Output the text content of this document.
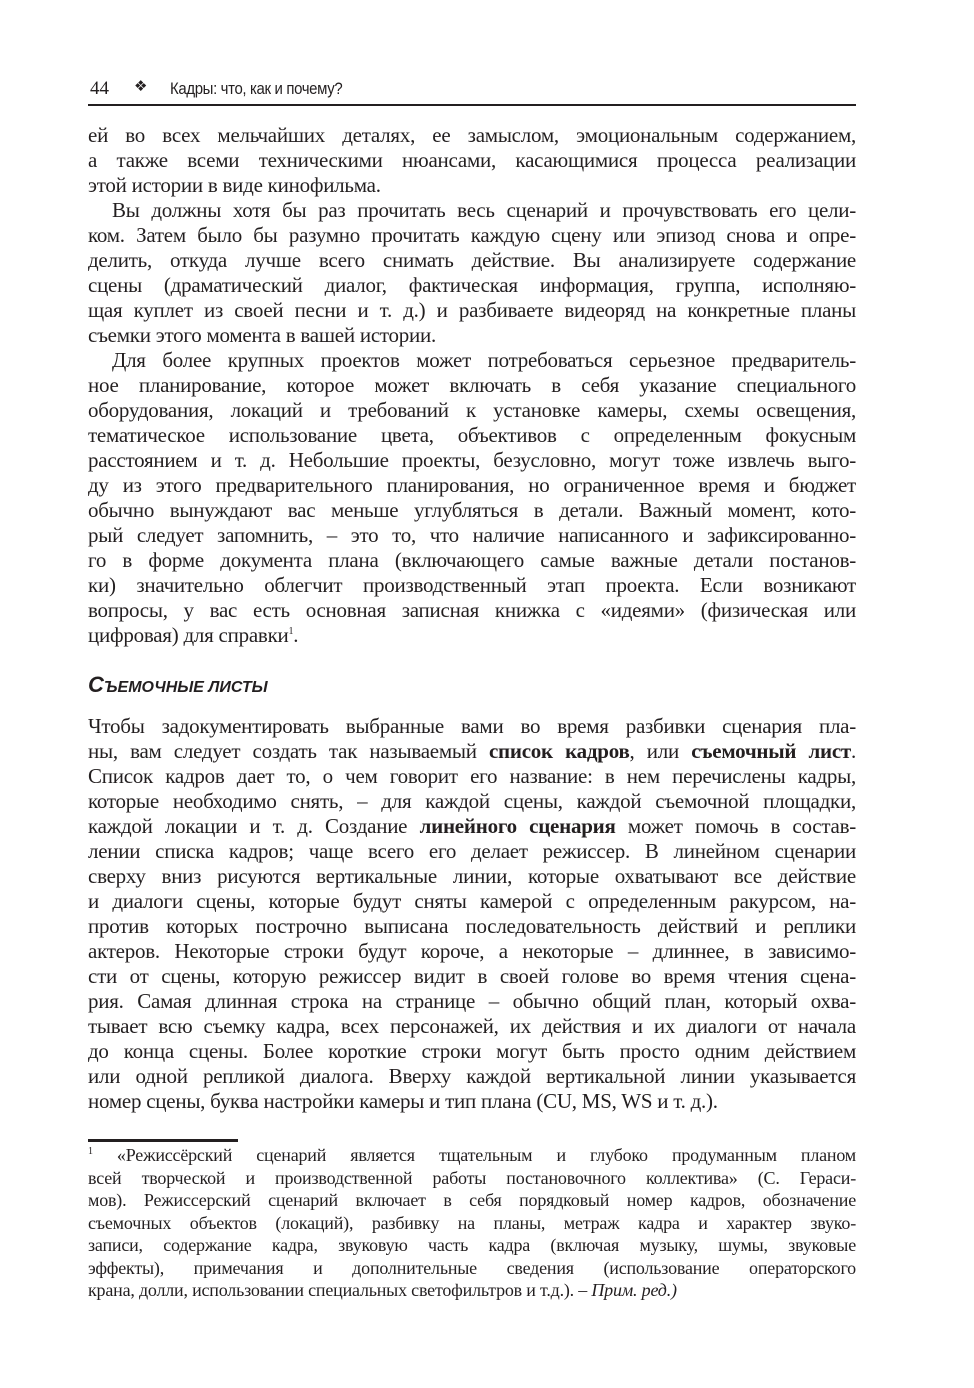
44 ❖ Кадры: что, как и почему?
ей во всех мельчайших деталях, ее замыслом, эмоциональным содержанием,
а также всеми техническими нюансами, касающимися процесса реализации
этой истории в виде кинофильма.
Вы должны хотя бы раз прочитать весь сценарий и прочувствовать его цели-
ком. Затем было бы разумно прочитать каждую сцену или эпизод снова и опре-
делить, откуда лучше всего снимать действие. Вы анализируете содержание
сцены (драматический диалог, фактическая информация, группа, исполняю-
щая куплет из своей песни и т. д.) и разбиваете видеоряд на конкретные планы
съемки этого момента в вашей истории.
Для более крупных проектов может потребоваться серьезное предваритель-
ное планирование, которое может включать в себя указание специального
оборудования, локаций и требований к установке камеры, схемы освещения,
тематическое использование цвета, объективов с определенным фокусным
расстоянием и т. д. Небольшие проекты, безусловно, могут тоже извлечь выго-
ду из этого предварительного планирования, но ограниченное время и бюджет
обычно вынуждают вас меньше углубляться в детали. Важный момент, кото-
рый следует запомнить, – это то, что наличие написанного и зафиксированно-
го в форме документа плана (включающего самые важные детали постанов-
ки) значительно облегчит производственный этап проекта. Если возникают
вопросы, у вас есть основная записная книжка с «идеями» (физическая или
цифровая) для справки$^1$.
СЪЕМОЧНЫЕ ЛИСТЫ
Чтобы задокументировать выбранные вами во время разбивки сценария пла-
ны, вам следует создать так называемый список кадров, или съемочный лист.
Список кадров дает то, о чем говорит его название: в нем перечислены кадры,
которые необходимо снять, – для каждой сцены, каждой съемочной площадки,
каждой локации и т. д. Создание линейного сценария может помочь в состав-
лении списка кадров; чаще всего его делает режиссер. В линейном сценарии
сверху вниз рисуются вертикальные линии, которые охватывают все действие
и диалоги сцены, которые будут сняты камерой с определенным ракурсом, на-
против которых построчно выписана последовательность действий и реплики
актеров. Некоторые строки будут короче, а некоторые – длиннее, в зависимо-
сти от сцены, которую режиссер видит в своей голове во время чтения сцена-
рия. Самая длинная строка на странице – обычно общий план, который охва-
тывает всю съемку кадра, всех персонажей, их действия и их диалоги от начала
до конца сцены. Более короткие строки могут быть просто одним действием
или одной репликой диалога. Вверху каждой вертикальной линии указывается
номер сцены, буква настройки камеры и тип плана (CU, MS, WS и т. д.).
$^1$ «Режиссёрский сценарий является тщательным и глубоко продуманным планом
всей творческой и производственной работы постановочного коллектива» (С. Гераси-
мов). Режиссерский сценарий включает в себя порядковый номер кадров, обозначение
съемочных объектов (локаций), разбивку на планы, метраж кадра и характер звуко-
записи, содержание кадра, звуковую часть кадра (включая музыку, шумы, звуковые
эффекты), примечания и дополнительные сведения (использование операторского
крана, долли, использовании специальных светофильтров и т.д.). – Прим. ред.)
